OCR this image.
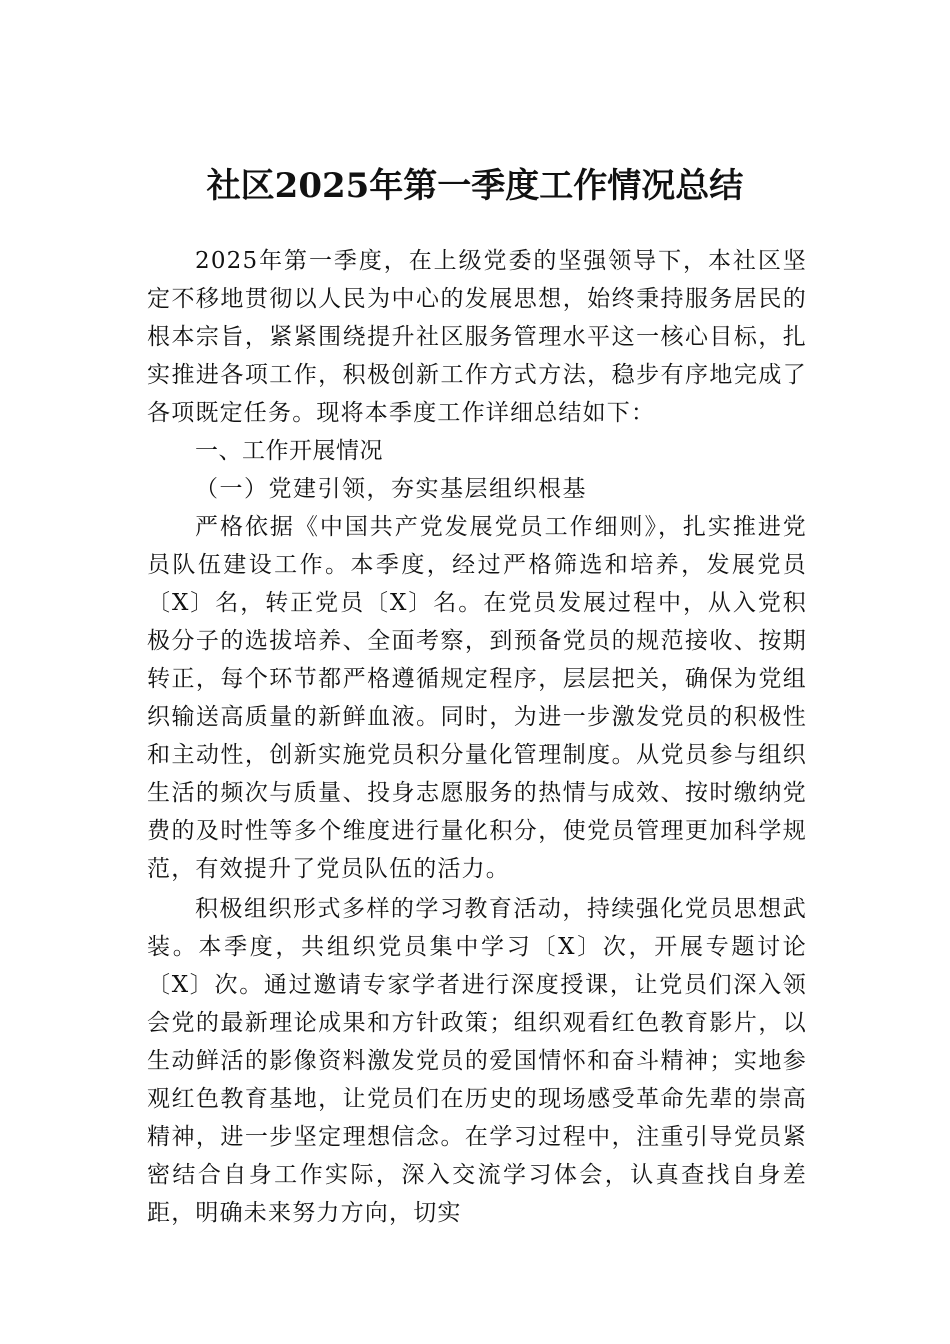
社区2025年第一季度工作情况总结

2025年第一季度，在上级党委的坚强领导下，本社区坚定不移地贯彻以人民为中心的发展思想，始终秉持服务居民的根本宗旨，紧紧围绕提升社区服务管理水平这一核心目标，扎实推进各项工作，积极创新工作方式方法，稳步有序地完成了各项既定任务。现将本季度工作详细总结如下：

一、工作开展情况
（一）党建引领，夯实基层组织根基

严格依据《中国共产党发展党员工作细则》，扎实推进党员队伍建设工作。本季度，经过严格筛选和培养，发展党员〔X〕名，转正党员〔X〕名。在党员发展过程中，从入党积极分子的选拔培养、全面考察，到预备党员的规范接收、按期转正，每个环节都严格遵循规定程序，层层把关，确保为党组织输送高质量的新鲜血液。同时，为进一步激发党员的积极性和主动性，创新实施党员积分量化管理制度。从党员参与组织生活的频次与质量、投身志愿服务的热情与成效、按时缴纳党费的及时性等多个维度进行量化积分，使党员管理更加科学规范，有效提升了党员队伍的活力。

积极组织形式多样的学习教育活动，持续强化党员思想武装。本季度，共组织党员集中学习〔X〕次，开展专题讨论〔X〕次。通过邀请专家学者进行深度授课，让党员们深入领会党的最新理论成果和方针政策；组织观看红色教育影片，以生动鲜活的影像资料激发党员的爱国情怀和奋斗精神；实地参观红色教育基地，让党员们在历史的现场感受革命先辈的崇高精神，进一步坚定理想信念。在学习过程中，注重引导党员紧密结合自身工作实际，深入交流学习体会，认真查找自身差距，明确未来努力方向，切实
